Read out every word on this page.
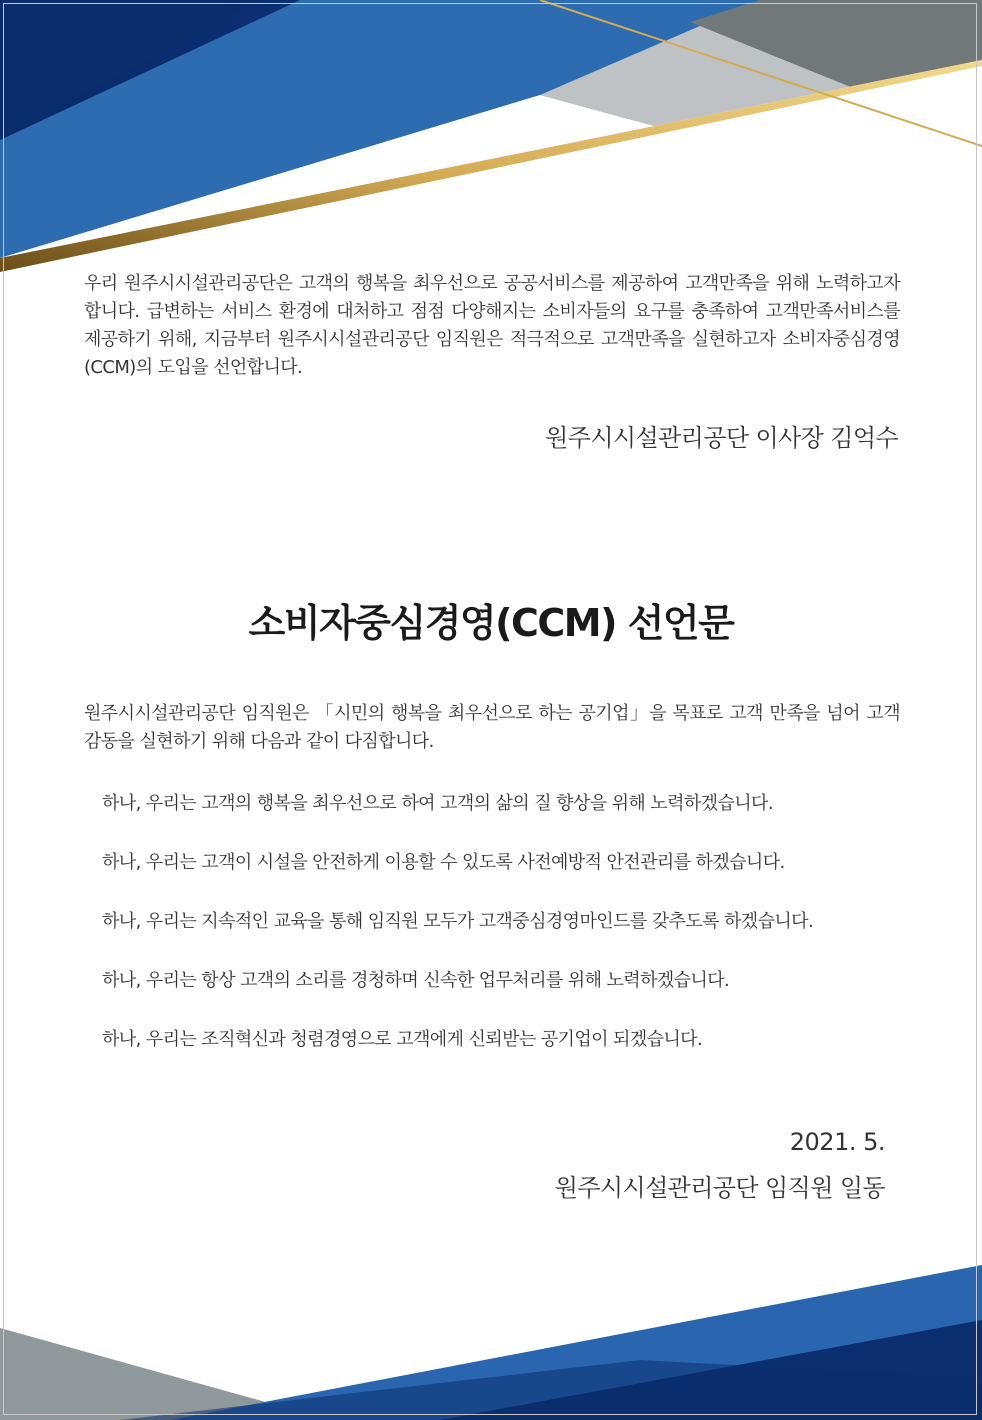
우리 원주시시설관리공단은 고객의 행복을 최우선으로 공공서비스를 제공하여 고객만족을 위해 노력하고자 합니다. 급변하는 서비스 환경에 대처하고 점점 다양해지는 소비자들의 요구를 충족하여 고객만족서비스를 제공하기 위해, 지금부터 원주시시설관리공단 임직원은 적극적으로 고객만족을 실현하고자 소비자중심경영(CCM)의 도입을 선언합니다.

원주시시설관리공단 이사장 김억수
소비자중심경영(CCM) 선언문

원주시시설관리공단 임직원은 「시민의 행복을 최우선으로 하는 공기업」을 목표로 고객 만족을 넘어 고객 감동을 실현하기 위해 다음과 같이 다짐합니다.

하나, 우리는 고객의 행복을 최우선으로 하여 고객의 삶의 질 향상을 위해 노력하겠습니다.
하나, 우리는 고객이 시설을 안전하게 이용할 수 있도록 사전예방적 안전관리를 하겠습니다.
하나, 우리는 지속적인 교육을 통해 임직원 모두가 고객중심경영마인드를 갖추도록 하겠습니다.
하나, 우리는 항상 고객의 소리를 경청하며 신속한 업무처리를 위해 노력하겠습니다.
하나, 우리는 조직혁신과 청렴경영으로 고객에게 신뢰받는 공기업이 되겠습니다.
2021. 5.
원주시시설관리공단 임직원 일동
